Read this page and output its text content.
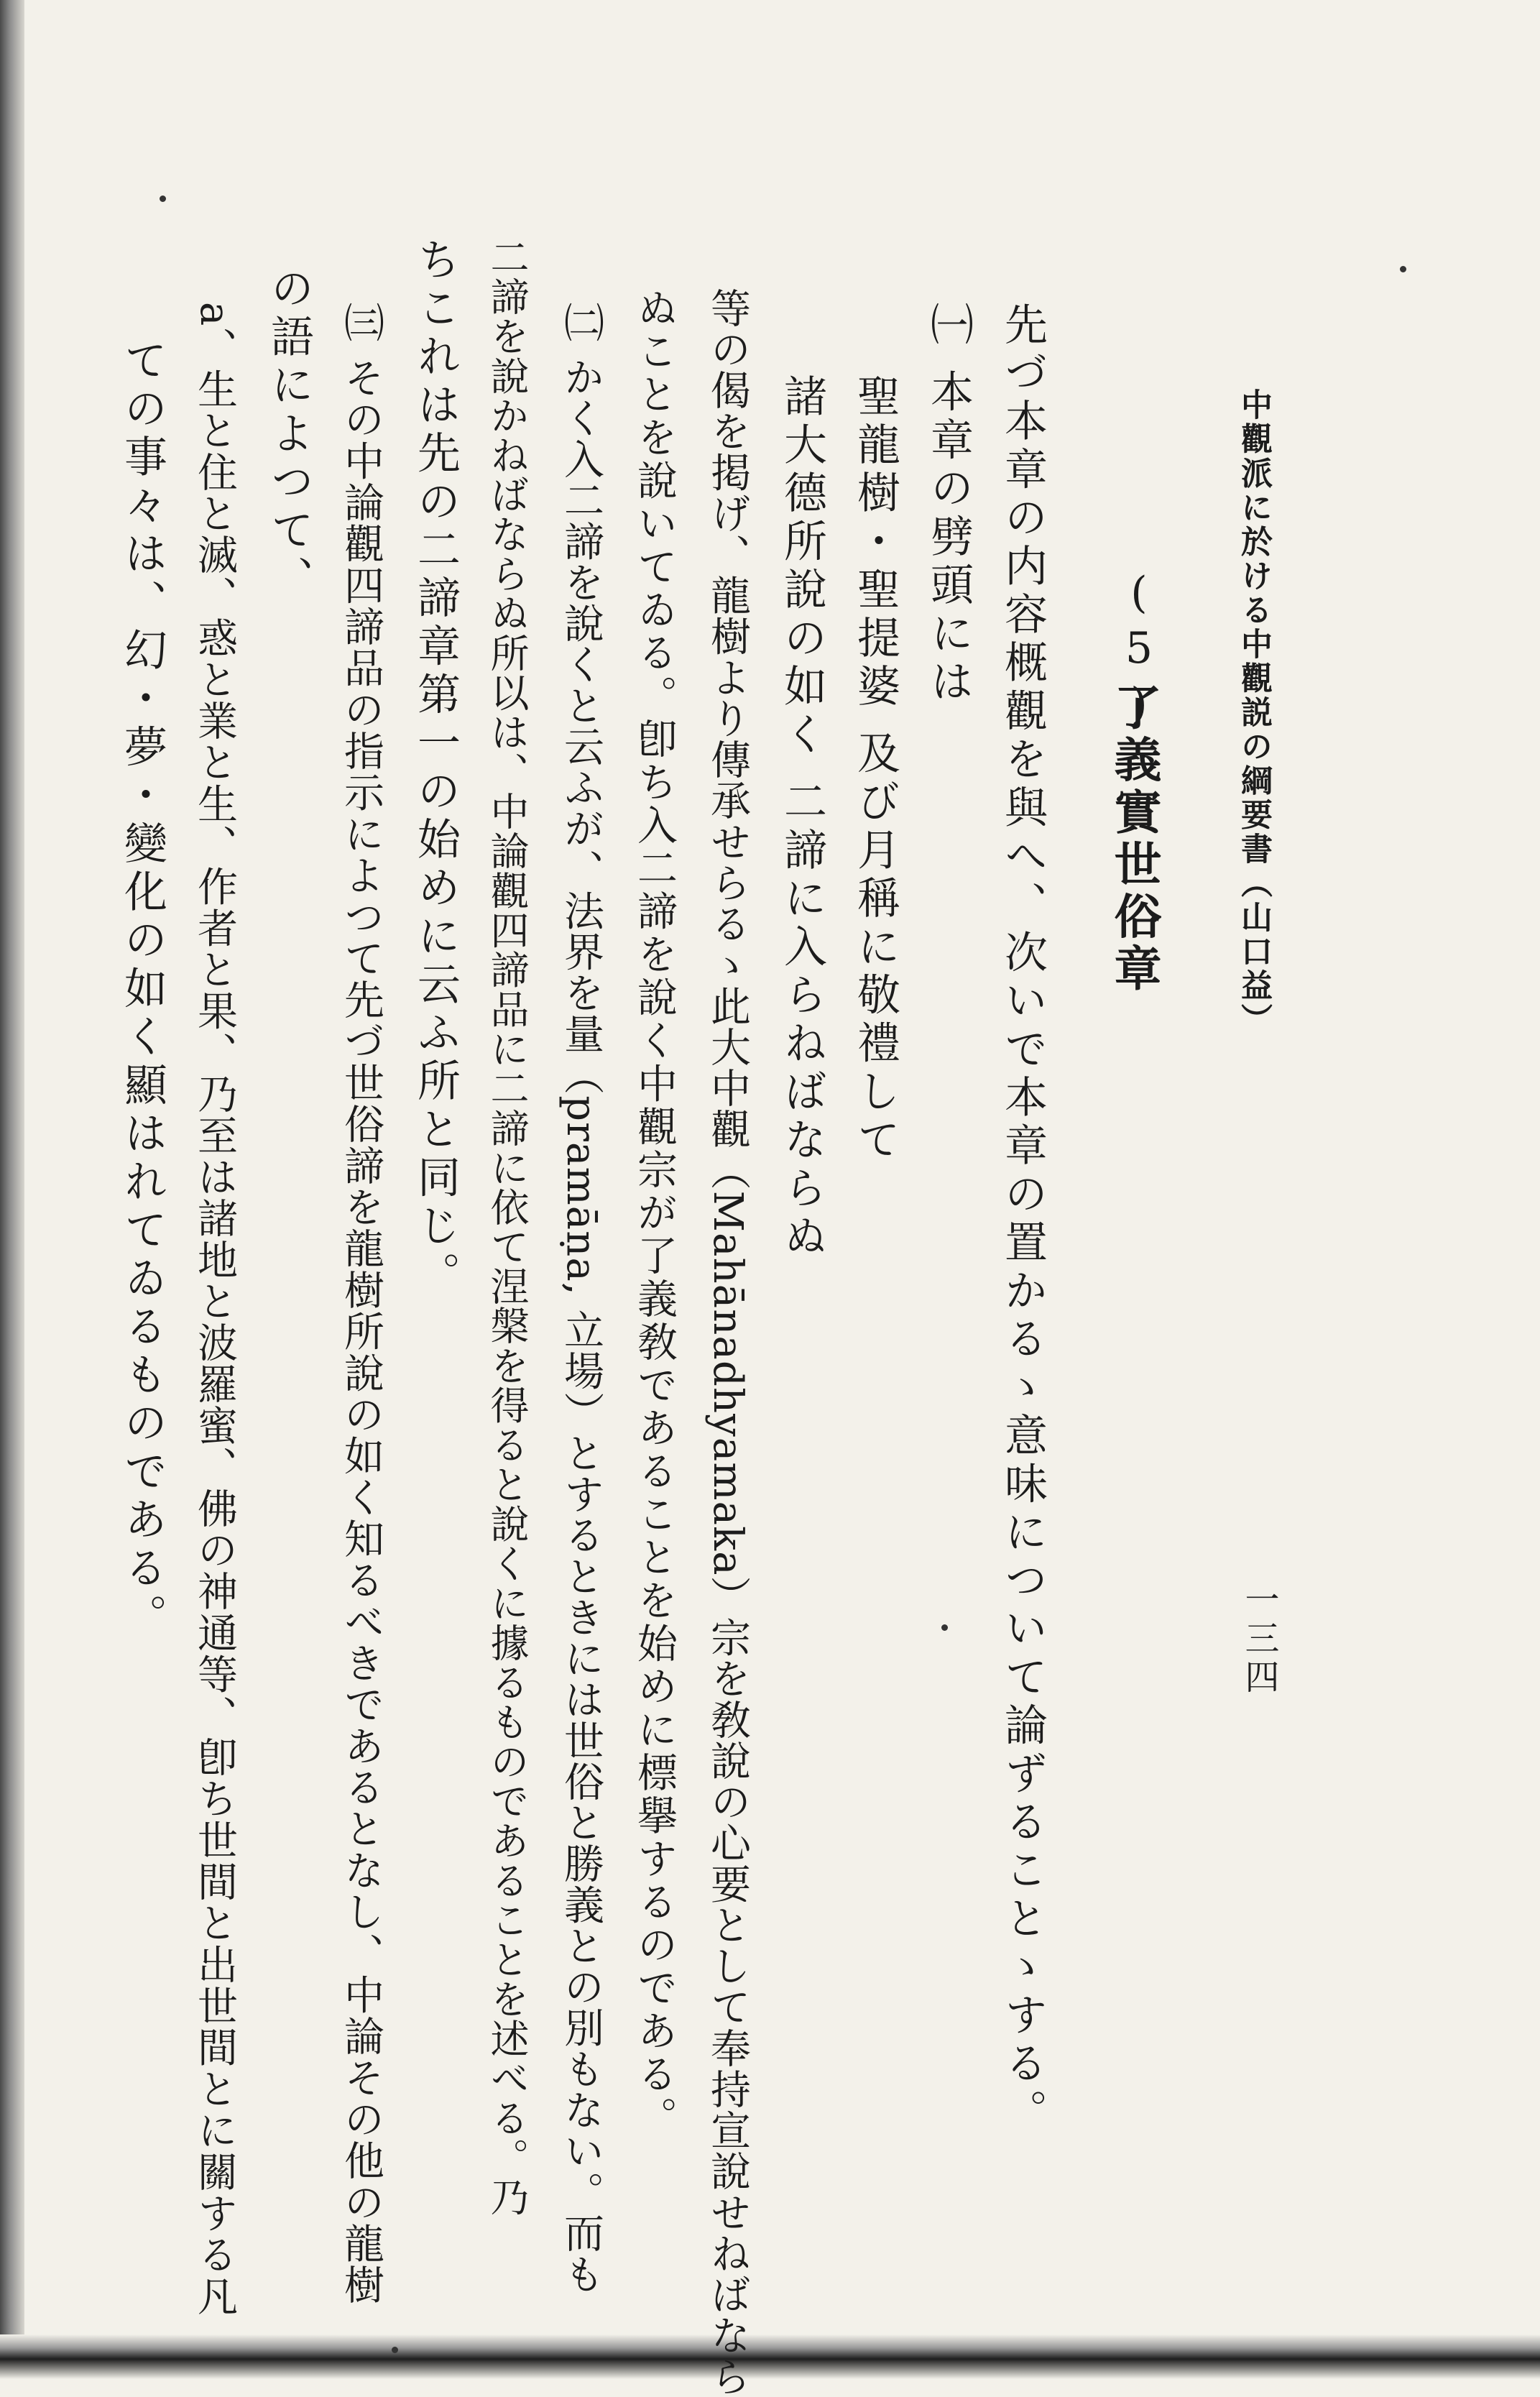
中觀派に於ける中觀説の綱要書（山口益）
一三四
(5)
了義實世俗章
先づ本章の内容概觀を與へ、次いで本章の置かるゝ意味について論ずることゝする。
㈠ 本章の劈頭には
聖龍樹・聖提婆 及び月稱に敬禮して
諸大德所說の如く 二諦に入らねばならぬ
等の偈を掲げ、龍樹より傳承せらるゝ此大中觀（Mahānadhyamaka）宗を敎說の心要として奉持宣說せねばなら
ぬことを說いてゐる。卽ち入二諦を說く中觀宗が了義敎であることを始めに標擧するのである。
㈡ かく入二諦を說くと云ふが、法界を量（pramāṇa, 立場）とするときには世俗と勝義との別もない。而も
二諦を說かねばならぬ所以は、中論觀四諦品に二諦に依て涅槃を得ると說くに據るものであることを述べる。乃
ちこれは先の二諦章第一の始めに云ふ所と同じ。
㈢ その中論觀四諦品の指示によつて先づ世俗諦を龍樹所說の如く知るべきであるとなし、中論その他の龍樹
の語によつて、
a、生と住と滅、惑と業と生、作者と果、乃至は諸地と波羅蜜、佛の神通等、卽ち世間と出世間とに關する凡
ての事々は、幻・夢・變化の如く顯はれてゐるものである。
